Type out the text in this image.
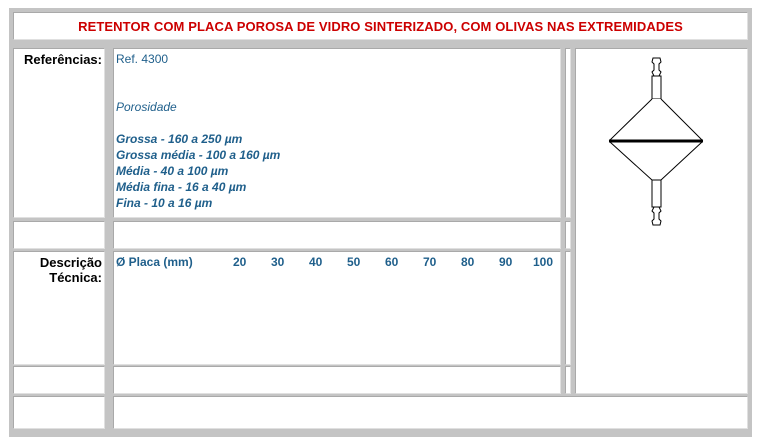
RETENTOR COM PLACA POROSA DE VIDRO SINTERIZADO, COM OLIVAS NAS EXTREMIDADES
Referências: Ref. 4300
Porosidade
Grossa - 160 a 250 µm
Grossa média - 100 a 160 µm
Média - 40 a 100 µm
Média fina - 16 a 40 µm
Fina - 10 a 16 µm
Descrição
Técnica:
Ø Placa (mm)	20 30 40 50 60 70 80 90 100
